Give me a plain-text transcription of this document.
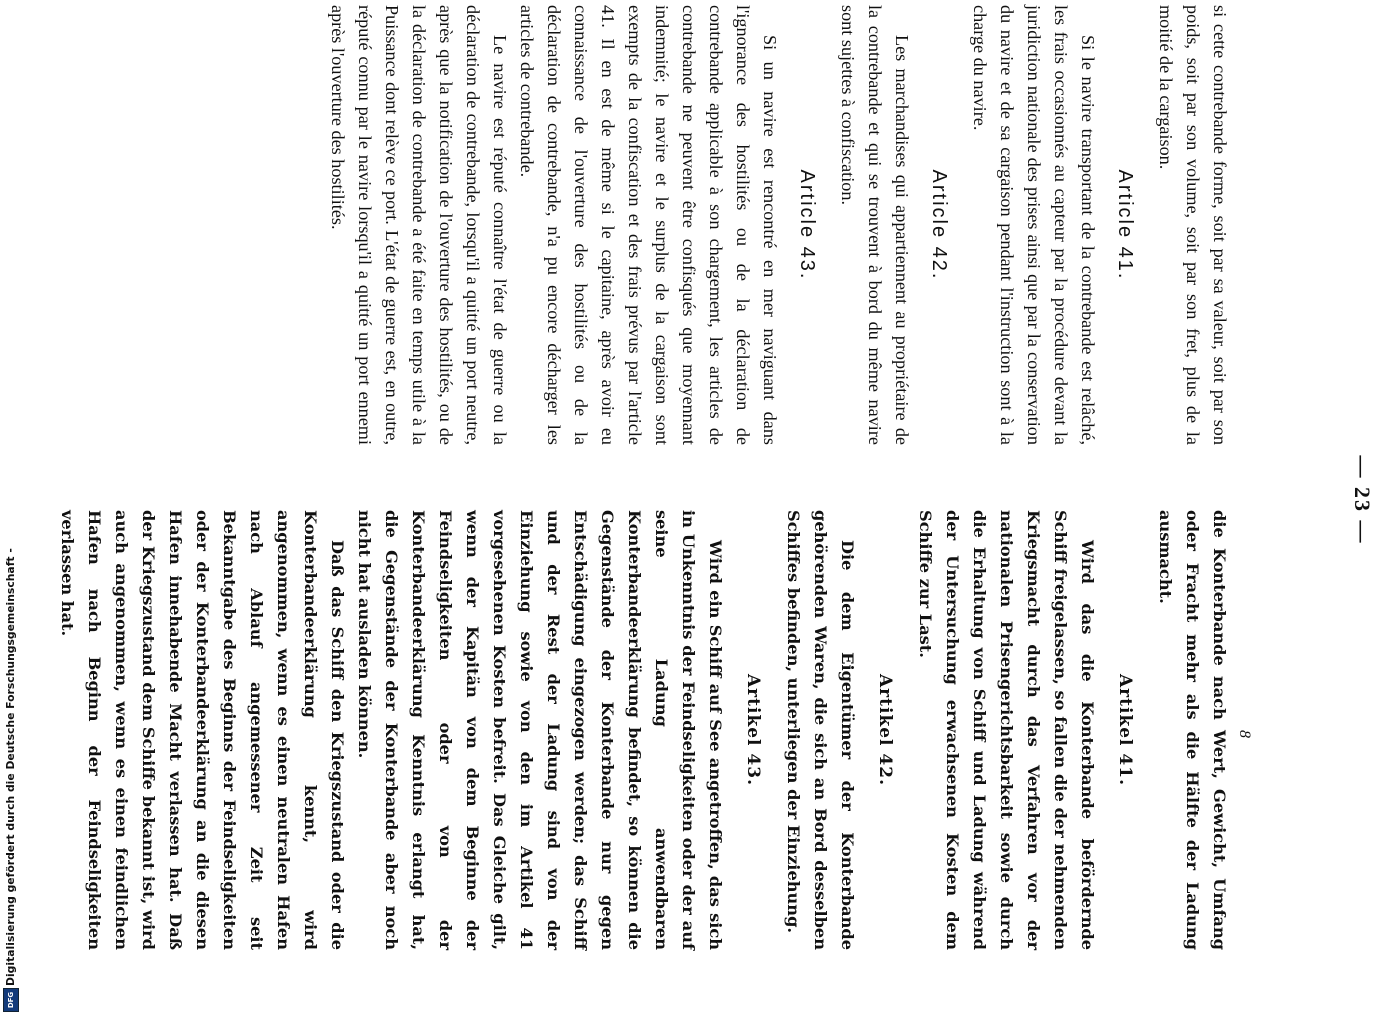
— 23 —

si cette contrebande forme, soit par sa valeur, soit par son poids, soit par son volume, soit par son fret, plus de la moitié de la cargaison.

Article 41.

Si le navire transportant de la contrebande est relâché, les frais occasionnés au capteur par la procédure devant la juridiction nationale des prises ainsi que par la conservation du navire et de sa cargaison pendant l'instruction sont à la charge du navire.

Article 42.

Les marchandises qui appartiennent au propriétaire de la contrebande et qui se trouvent à bord du même navire sont sujettes à confiscation.

Article 43.

Si un navire est rencontré en mer naviguant dans l'ignorance des hostilités ou de la déclaration de contrebande applicable à son chargement, les articles de contrebande ne peuvent être confisqués que moyennant indemnité; le navire et le surplus de la cargaison sont exempts de la confiscation et des frais prévus par l'article 41. Il en est de même si le capitaine, après avoir eu connaissance de l'ouverture des hostilités ou de la déclaration de contrebande, n'a pu encore décharger les articles de contrebande.

Le navire est réputé connaître l'état de guerre ou la déclaration de contrebande, lorsqu'il a quitté un port neutre, après que la notification de l'ouverture des hostilités, ou de la déclaration de contrebande a été faite en temps utile à la Puissance dont relève ce port. L'état de guerre est, en outre, réputé connu par le navire lorsqu'il a quitté un port ennemi après l'ouverture des hostilités.

die Konterbande nach Wert, Gewicht, Umfang oder Fracht mehr als die Hälfte der Ladung ausmacht.

Artikel 41.

Wird das die Konterbande befördernde Schiff freigelassen, so fallen die der nehmenden Kriegsmacht durch das Verfahren vor der nationalen Prisengerichtsbarkeit sowie durch die Erhaltung von Schiff und Ladung während der Untersuchung erwachsenen Kosten dem Schiffe zur Last.

Artikel 42.

Die dem Eigentümer der Konterbande gehörenden Waren, die sich an Bord desselben Schiffes befinden, unterliegen der Einziehung.

Artikel 43.

Wird ein Schiff auf See angetroffen, das sich in Unkenntnis der Feindseligkeiten oder der auf seine Ladung anwendbaren Konterbandeerklärung befindet, so können die Gegenstände der Konterbande nur gegen Entschädigung eingezogen werden; das Schiff und der Rest der Ladung sind von der Einziehung sowie von den im Artikel 41 vorgesehenen Kosten befreit. Das Gleiche gilt, wenn der Kapitän von dem Beginne der Feindseligkeiten oder von der Konterbandeerklärung Kenntnis erlangt hat, die Gegenstände der Konterbande aber noch nicht hat ausladen können.

Daß das Schiff den Kriegszustand oder die Konterbandeerklärung kennt, wird angenommen, wenn es einen neutralen Hafen nach Ablauf angemessener Zeit seit Bekanntgabe des Beginns der Feindseligkeiten oder der Konterbandeerklärung an die diesen Hafen innehabende Macht verlassen hat. Daß der Kriegszustand dem Schiffe bekannt ist, wird auch angenommen, wenn es einen feindlichen Hafen nach Beginn der Feindseligkeiten verlassen hat.

8
DFG
Digitalisierung gefördert durch die Deutsche Forschungsgemeinschaft -
